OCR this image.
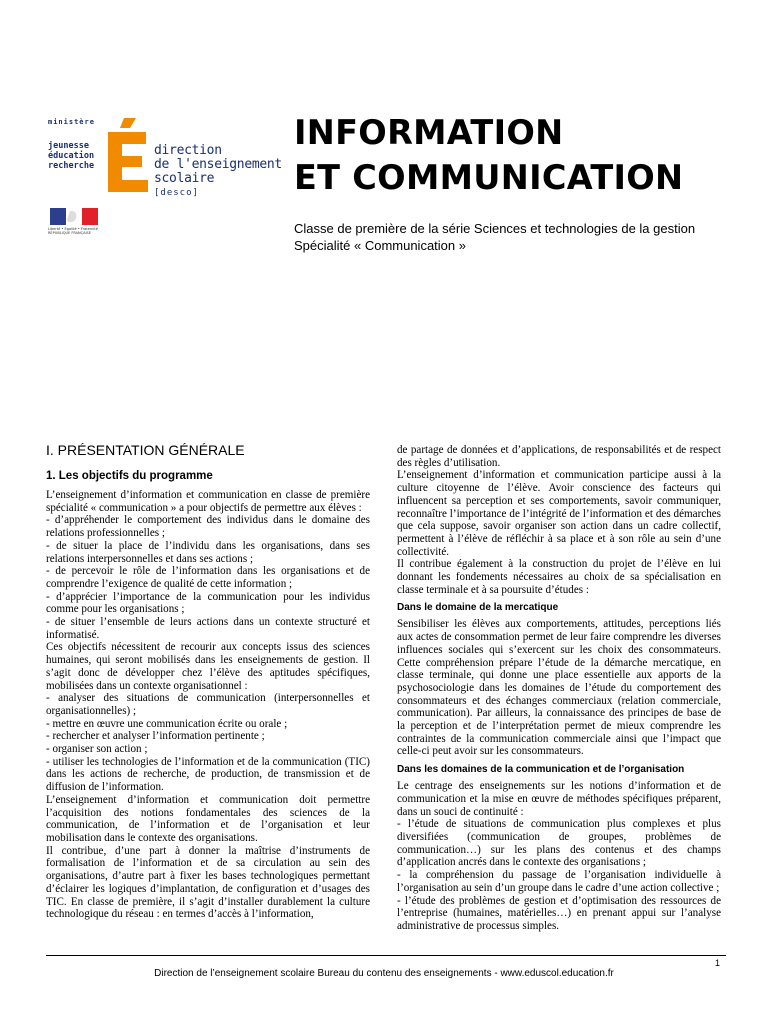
ministère
jeunesse
éducation
recherche
direction
de l'enseignement
scolaire
[desco]
Liberté • Égalité • Fraternité
RÉPUBLIQUE FRANÇAISE
INFORMATION
ET COMMUNICATION
Classe de première de la série Sciences et technologies de la gestion
Spécialité « Communication »
I. PRÉSENTATION GÉNÉRALE
1. Les objectifs du programme

L’enseignement d’information et communication en classe de première spécialité « communication » a pour objectifs de permettre aux élèves :

- d’appréhender le comportement des individus dans le domaine des relations professionnelles ;

- de situer la place de l’individu dans les organisations, dans ses relations interpersonnelles et dans ses actions ;

- de percevoir le rôle de l’information dans les organisations et de comprendre l’exigence de qualité de cette information ;

- d’apprécier l’importance de la communication pour les individus comme pour les organisations ;

- de situer l’ensemble de leurs actions dans un contexte structuré et informatisé.

Ces objectifs nécessitent de recourir aux concepts issus des sciences humaines, qui seront mobilisés dans les enseignements de gestion. Il s’agit donc de développer chez l’élève des aptitudes spécifiques, mobilisées dans un contexte organisationnel :

- analyser des situations de communication (interpersonnelles et organisationnelles) ;

- mettre en œuvre une communication écrite ou orale ;

- rechercher et analyser l’information pertinente ;

- organiser son action ;

- utiliser les technologies de l’information et de la communication (TIC) dans les actions de recherche, de production, de transmission et de diffusion de l’information.

L’enseignement d’information et communication doit permettre l’acquisition des notions fondamentales des sciences de la communication, de l’information et de l’organisation et leur mobilisation dans le contexte des organisations.

Il contribue, d’une part à donner la maîtrise d’instruments de formalisation de l’information et de sa circulation au sein des organisations, d’autre part à fixer les bases technologiques permettant d’éclairer les logiques d’implantation, de configuration et d’usages des TIC. En classe de première, il s’agit d’installer durablement la culture technologique du réseau : en termes d’accès à l’information,

de partage de données et d’applications, de responsabilités et de respect des règles d’utilisation.

L’enseignement d’information et communication participe aussi à la culture citoyenne de l’élève. Avoir conscience des facteurs qui influencent sa perception et ses comportements, savoir communiquer, reconnaître l’importance de l’intégrité de l’information et des démarches que cela suppose, savoir organiser son action dans un cadre collectif, permettent à l’élève de réfléchir à sa place et à son rôle au sein d’une collectivité.

Il contribue également à la construction du projet de l’élève en lui donnant les fondements nécessaires au choix de sa spécialisation en classe terminale et à sa poursuite d’études :

Dans le domaine de la mercatique

Sensibiliser les élèves aux comportements, attitudes, perceptions liés aux actes de consommation permet de leur faire comprendre les diverses influences sociales qui s’exercent sur les choix des consommateurs. Cette compréhension prépare l’étude de la démarche mercatique, en classe terminale, qui donne une place essentielle aux apports de la psychosociologie dans les domaines de l’étude du comportement des consommateurs et des échanges commerciaux (relation commerciale, communication). Par ailleurs, la connaissance des principes de base de la perception et de l’interprétation permet de mieux comprendre les contraintes de la communication commerciale ainsi que l’impact que celle-ci peut avoir sur les consommateurs.

Dans les domaines de la communication et de l’organisation

Le centrage des enseignements sur les notions d’information et de communication et la mise en œuvre de méthodes spécifiques préparent, dans un souci de continuité :

- l’étude de situations de communication plus complexes et plus diversifiées (communication de groupes, problèmes de communication…) sur les plans des contenus et des champs d’application ancrés dans le contexte des organisations ;

- la compréhension du passage de l’organisation individuelle à l’organisation au sein d’un groupe dans le cadre d’une action collective ;

- l’étude des problèmes de gestion et d’optimisation des ressources de l’entreprise (humaines, matérielles…) en prenant appui sur l’analyse administrative de processus simples.

1
Direction de l’enseignement scolaire Bureau du contenu des enseignements - www.eduscol.education.fr
